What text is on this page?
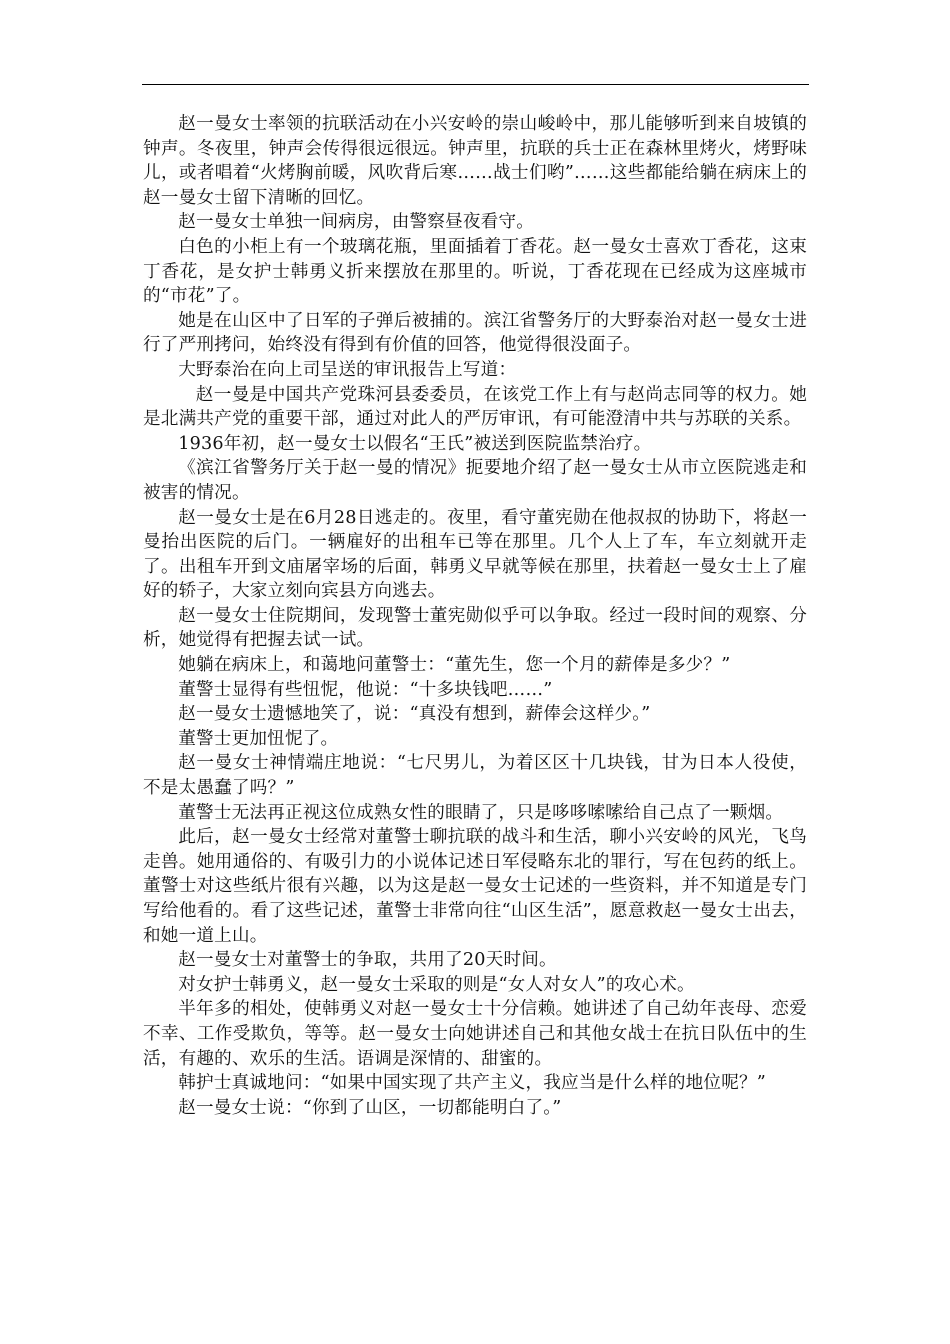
赵一曼女士率领的抗联活动在小兴安岭的崇山峻岭中，那儿能够听到来自坡镇的钟声。冬夜里，钟声会传得很远很远。钟声里，抗联的兵士正在森林里烤火，烤野味儿，或者唱着“火烤胸前暖，风吹背后寒……战士们哟”……这些都能给躺在病床上的赵一曼女士留下清晰的回忆。

赵一曼女士单独一间病房，由警察昼夜看守。

白色的小柜上有一个玻璃花瓶，里面插着丁香花。赵一曼女士喜欢丁香花，这束丁香花，是女护士韩勇义折来摆放在那里的。听说，丁香花现在已经成为这座城市的“市花”了。

她是在山区中了日军的子弹后被捕的。滨江省警务厅的大野泰治对赵一曼女士进行了严刑拷问，始终没有得到有价值的回答，他觉得很没面子。

大野泰治在向上司呈送的审讯报告上写道：

赵一曼是中国共产党珠河县委委员，在该党工作上有与赵尚志同等的权力。她是北满共产党的重要干部，通过对此人的严厉审讯，有可能澄清中共与苏联的关系。

1936年初，赵一曼女士以假名“王氏”被送到医院监禁治疗。

《滨江省警务厅关于赵一曼的情况》扼要地介绍了赵一曼女士从市立医院逃走和被害的情况。

赵一曼女士是在6月28日逃走的。夜里，看守董宪勋在他叔叔的协助下，将赵一曼抬出医院的后门。一辆雇好的出租车已等在那里。几个人上了车，车立刻就开走了。出租车开到文庙屠宰场的后面，韩勇义早就等候在那里，扶着赵一曼女士上了雇好的轿子，大家立刻向宾县方向逃去。

赵一曼女士住院期间，发现警士董宪勋似乎可以争取。经过一段时间的观察、分析，她觉得有把握去试一试。

她躺在病床上，和蔼地问董警士：“董先生，您一个月的薪俸是多少？”

董警士显得有些忸怩，他说：“十多块钱吧……”

赵一曼女士遗憾地笑了，说：“真没有想到，薪俸会这样少。”

董警士更加忸怩了。

赵一曼女士神情端庄地说：“七尺男儿，为着区区十几块钱，甘为日本人役使，不是太愚蠢了吗？”

董警士无法再正视这位成熟女性的眼睛了，只是哆哆嗦嗦给自己点了一颗烟。

此后，赵一曼女士经常对董警士聊抗联的战斗和生活，聊小兴安岭的风光，飞鸟走兽。她用通俗的、有吸引力的小说体记述日军侵略东北的罪行，写在包药的纸上。董警士对这些纸片很有兴趣，以为这是赵一曼女士记述的一些资料，并不知道是专门写给他看的。看了这些记述，董警士非常向往“山区生活”，愿意救赵一曼女士出去，和她一道上山。

赵一曼女士对董警士的争取，共用了20天时间。

对女护士韩勇义，赵一曼女士采取的则是“女人对女人”的攻心术。

半年多的相处，使韩勇义对赵一曼女士十分信赖。她讲述了自己幼年丧母、恋爱不幸、工作受欺负，等等。赵一曼女士向她讲述自己和其他女战士在抗日队伍中的生活，有趣的、欢乐的生活。语调是深情的、甜蜜的。

韩护士真诚地问：“如果中国实现了共产主义，我应当是什么样的地位呢？”

赵一曼女士说：“你到了山区，一切都能明白了。”
